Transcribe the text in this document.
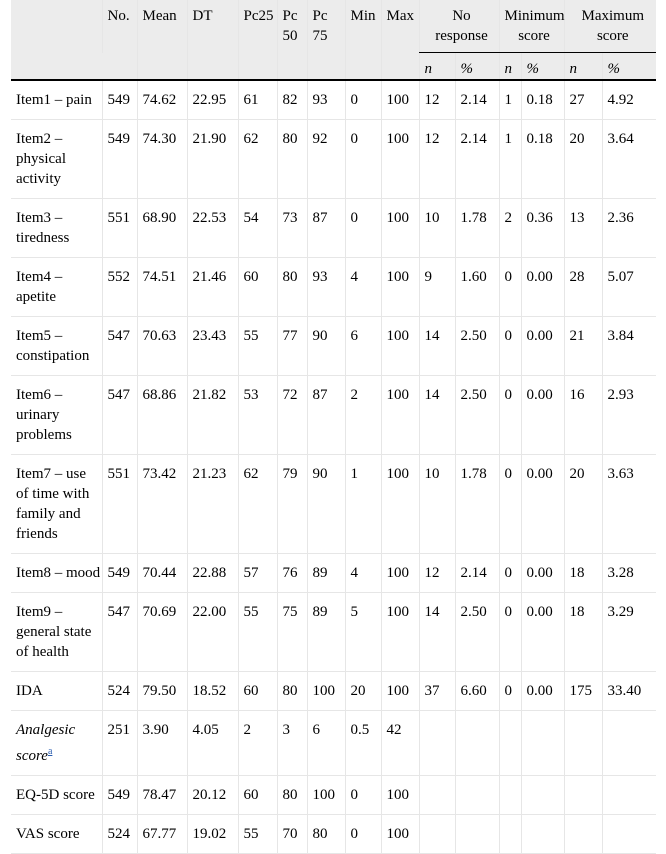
	No.	Mean	DT	Pc25	Pc 50	Pc 75	Min	Max	No response		Minimum score		Maximum score	
									n	%	n	%	n	%
Item1 – pain	549	74.62	22.95	61	82	93	0	100	12	2.14	1	0.18	27	4.92
Item2 – physical activity	549	74.30	21.90	62	80	92	0	100	12	2.14	1	0.18	20	3.64
Item3 – tiredness	551	68.90	22.53	54	73	87	0	100	10	1.78	2	0.36	13	2.36
Item4 – apetite	552	74.51	21.46	60	80	93	4	100	9	1.60	0	0.00	28	5.07
Item5 – constipation	547	70.63	23.43	55	77	90	6	100	14	2.50	0	0.00	21	3.84
Item6 – urinary problems	547	68.86	21.82	53	72	87	2	100	14	2.50	0	0.00	16	2.93
Item7 – use of time with family and friends	551	73.42	21.23	62	79	90	1	100	10	1.78	0	0.00	20	3.63
Item8 – mood	549	70.44	22.88	57	76	89	4	100	12	2.14	0	0.00	18	3.28
Item9 – general state of health	547	70.69	22.00	55	75	89	5	100	14	2.50	0	0.00	18	3.29
IDA	524	79.50	18.52	60	80	100	20	100	37	6.60	0	0.00	175	33.40
Analgesic score$^a$	251	3.90	4.05	2	3	6	0.5	42						
EQ-5D score	549	78.47	20.12	60	80	100	0	100						
VAS score	524	67.77	19.02	55	70	80	0	100						
